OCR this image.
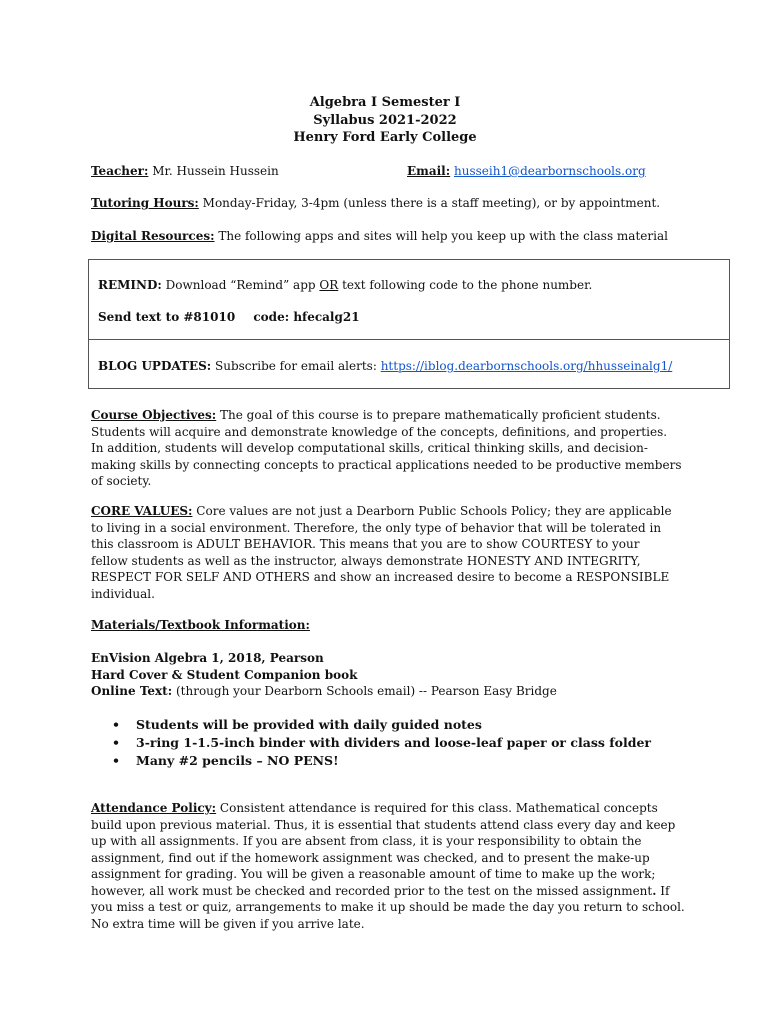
Algebra I Semester I
Syllabus 2021-2022
Henry Ford Early College
Teacher: Mr. Hussein Hussein	Email: husseih1@dearbornschools.org
Tutoring Hours: Monday-Friday, 3-4pm (unless there is a staff meeting), or by appointment.
Digital Resources: The following apps and sites will help you keep up with the class material
REMIND: Download “Remind” app OR text following code to the phone number.
Send text to #81010 code: hfecalg21
BLOG UPDATES: Subscribe for email alerts: https://iblog.dearbornschools.org/hhusseinalg1/
Course Objectives: The goal of this course is to prepare mathematically proficient students.
Students will acquire and demonstrate knowledge of the concepts, definitions, and properties.
In addition, students will develop computational skills, critical thinking skills, and decision-
making skills by connecting concepts to practical applications needed to be productive members
of society.
CORE VALUES: Core values are not just a Dearborn Public Schools Policy; they are applicable
to living in a social environment. Therefore, the only type of behavior that will be tolerated in
this classroom is ADULT BEHAVIOR. This means that you are to show COURTESY to your
fellow students as well as the instructor, always demonstrate HONESTY AND INTEGRITY,
RESPECT FOR SELF AND OTHERS and show an increased desire to become a RESPONSIBLE
individual.
Materials/Textbook Information:
EnVision Algebra 1, 2018, Pearson
Hard Cover & Student Companion book
Online Text: (through your Dearborn Schools email) -- Pearson Easy Bridge
• Students will be provided with daily guided notes
• 3-ring 1-1.5-inch binder with dividers and loose-leaf paper or class folder
• Many #2 pencils – NO PENS!
Attendance Policy: Consistent attendance is required for this class. Mathematical concepts
build upon previous material. Thus, it is essential that students attend class every day and keep
up with all assignments. If you are absent from class, it is your responsibility to obtain the
assignment, find out if the homework assignment was checked, and to present the make-up
assignment for grading. You will be given a reasonable amount of time to make up the work;
however, all work must be checked and recorded prior to the test on the missed assignment. If
you miss a test or quiz, arrangements to make it up should be made the day you return to school.
No extra time will be given if you arrive late.
